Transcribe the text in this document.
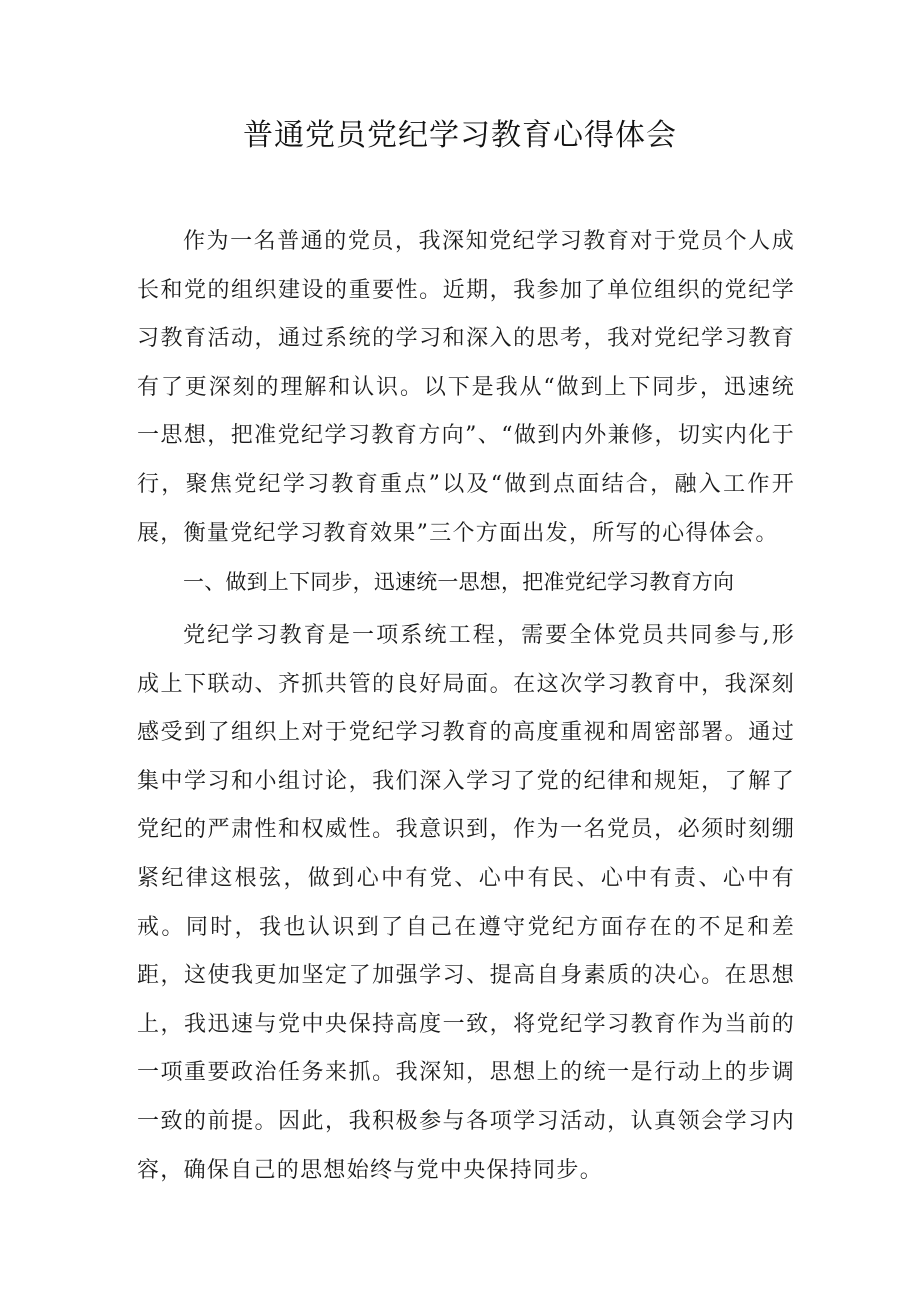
普通党员党纪学习教育心得体会

作为一名普通的党员，我深知党纪学习教育对于党员个人成长和党的组织建设的重要性。近期，我参加了单位组织的党纪学习教育活动，通过系统的学习和深入的思考，我对党纪学习教育有了更深刻的理解和认识。以下是我从“做到上下同步，迅速统一思想，把准党纪学习教育方向”、“做到内外兼修，切实内化于行，聚焦党纪学习教育重点”以及“做到点面结合，融入工作开展，衡量党纪学习教育效果”三个方面出发，所写的心得体会。

一、做到上下同步，迅速统一思想，把准党纪学习教育方向

党纪学习教育是一项系统工程，需要全体党员共同参与,形成上下联动、齐抓共管的良好局面。在这次学习教育中，我深刻感受到了组织上对于党纪学习教育的高度重视和周密部署。通过集中学习和小组讨论，我们深入学习了党的纪律和规矩，了解了党纪的严肃性和权威性。我意识到，作为一名党员，必须时刻绷紧纪律这根弦，做到心中有党、心中有民、心中有责、心中有戒。同时，我也认识到了自己在遵守党纪方面存在的不足和差距，这使我更加坚定了加强学习、提高自身素质的决心。在思想上，我迅速与党中央保持高度一致，将党纪学习教育作为当前的一项重要政治任务来抓。我深知，思想上的统一是行动上的步调一致的前提。因此，我积极参与各项学习活动，认真领会学习内容，确保自己的思想始终与党中央保持同步。
